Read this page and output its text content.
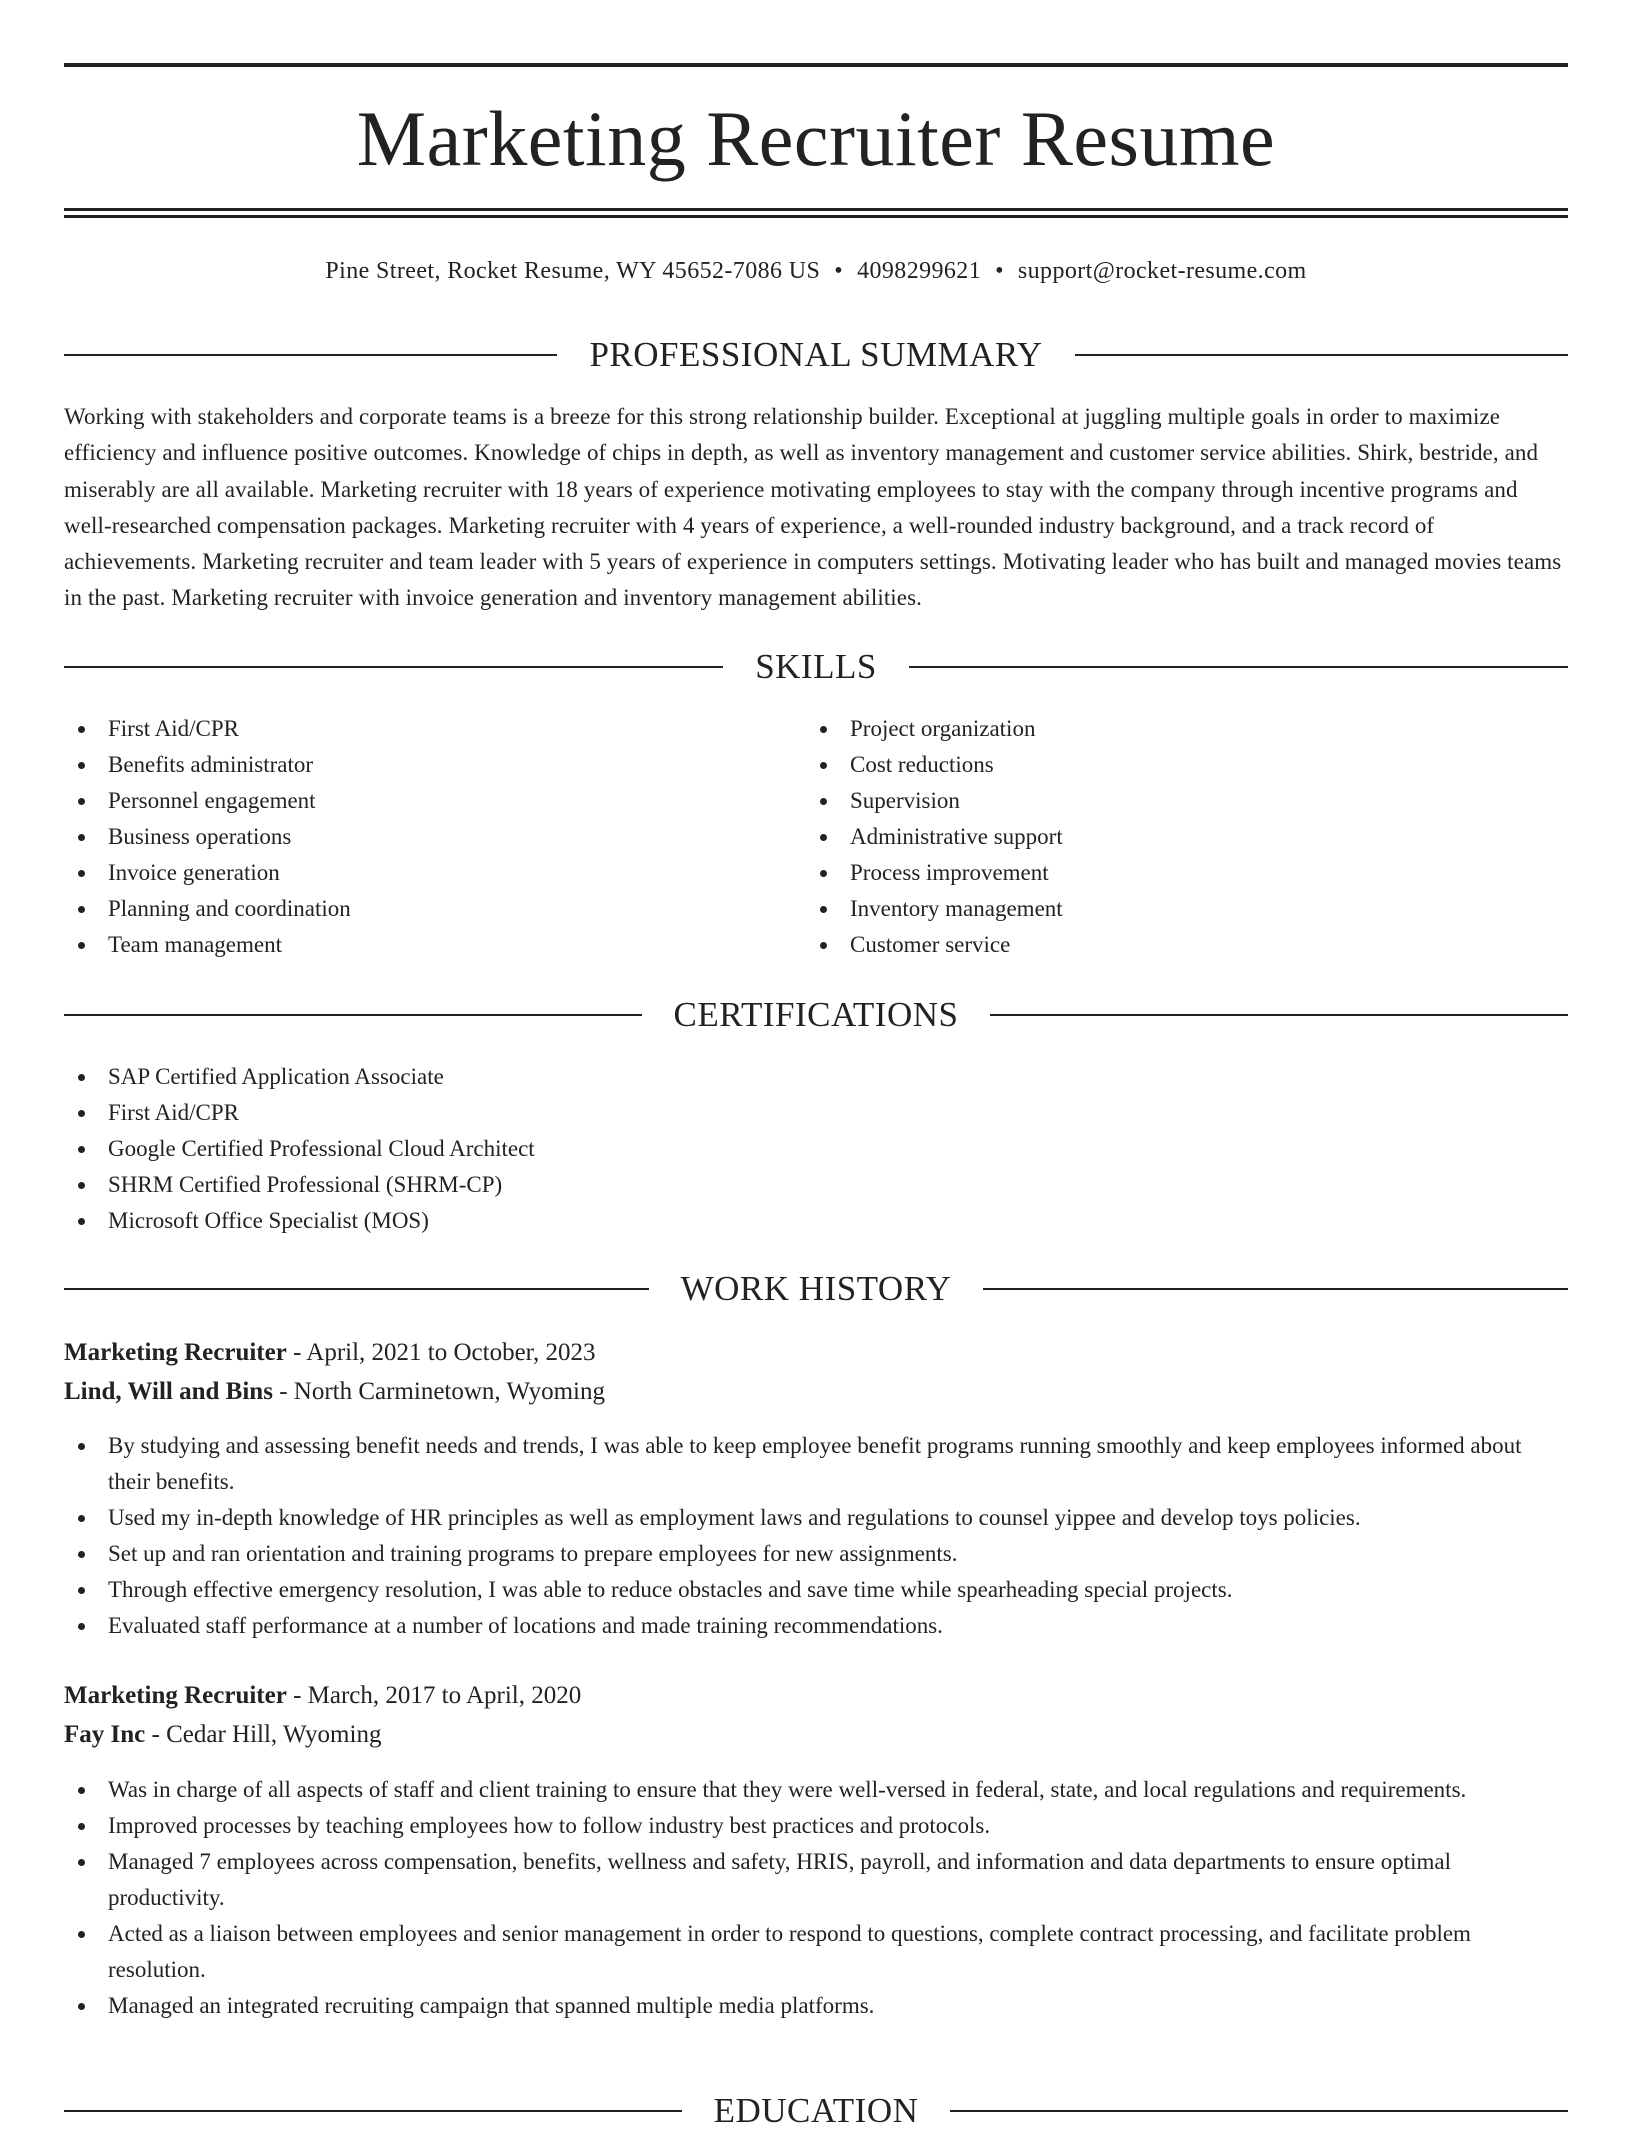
Marketing Recruiter Resume
Pine Street, Rocket Resume, WY 45652-7086 US • 4098299621 • support@rocket-resume.com
PROFESSIONAL SUMMARY
Working with stakeholders and corporate teams is a breeze for this strong relationship builder. Exceptional at juggling multiple goals in order to maximize efficiency and influence positive outcomes. Knowledge of chips in depth, as well as inventory management and customer service abilities. Shirk, bestride, and miserably are all available. Marketing recruiter with 18 years of experience motivating employees to stay with the company through incentive programs and well-researched compensation packages. Marketing recruiter with 4 years of experience, a well-rounded industry background, and a track record of achievements. Marketing recruiter and team leader with 5 years of experience in computers settings. Motivating leader who has built and managed movies teams in the past. Marketing recruiter with invoice generation and inventory management abilities.
SKILLS
First Aid/CPR
Benefits administrator
Personnel engagement
Business operations
Invoice generation
Planning and coordination
Team management
Project organization
Cost reductions
Supervision
Administrative support
Process improvement
Inventory management
Customer service
CERTIFICATIONS
SAP Certified Application Associate
First Aid/CPR
Google Certified Professional Cloud Architect
SHRM Certified Professional (SHRM-CP)
Microsoft Office Specialist (MOS)
WORK HISTORY
Marketing Recruiter - April, 2021 to October, 2023
Lind, Will and Bins - North Carminetown, Wyoming
By studying and assessing benefit needs and trends, I was able to keep employee benefit programs running smoothly and keep employees informed about their benefits.
Used my in-depth knowledge of HR principles as well as employment laws and regulations to counsel yippee and develop toys policies.
Set up and ran orientation and training programs to prepare employees for new assignments.
Through effective emergency resolution, I was able to reduce obstacles and save time while spearheading special projects.
Evaluated staff performance at a number of locations and made training recommendations.
Marketing Recruiter - March, 2017 to April, 2020
Fay Inc - Cedar Hill, Wyoming
Was in charge of all aspects of staff and client training to ensure that they were well-versed in federal, state, and local regulations and requirements.
Improved processes by teaching employees how to follow industry best practices and protocols.
Managed 7 employees across compensation, benefits, wellness and safety, HRIS, payroll, and information and data departments to ensure optimal productivity.
Acted as a liaison between employees and senior management in order to respond to questions, complete contract processing, and facilitate problem resolution.
Managed an integrated recruiting campaign that spanned multiple media platforms.
EDUCATION
